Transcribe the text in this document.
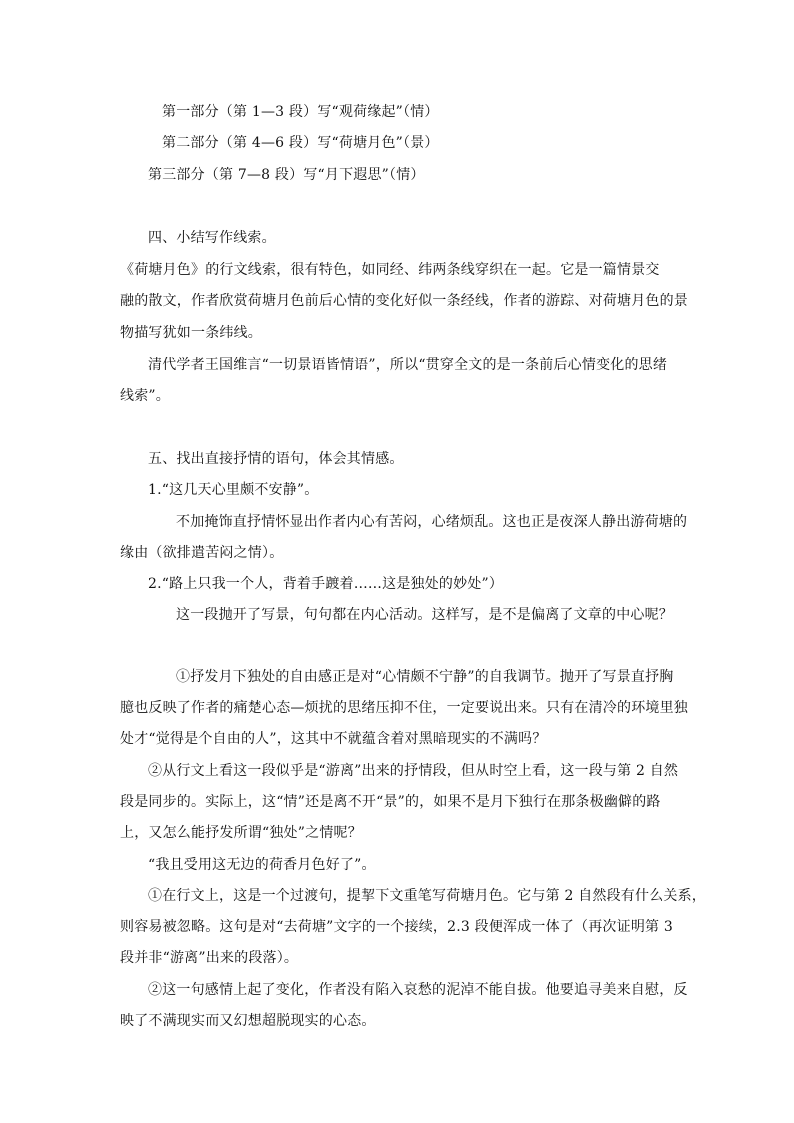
第一部分（第 1—3 段）写“观荷缘起”（情）
第二部分（第 4—6 段）写“荷塘月色”（景）
第三部分（第 7—8 段）写“月下遐思”（情）
四、小结写作线索。
《荷塘月色》的行文线索，很有特色，如同经、纬两条线穿织在一起。它是一篇情景交
融的散文，作者欣赏荷塘月色前后心情的变化好似一条经线，作者的游踪、对荷塘月色的景
物描写犹如一条纬线。
清代学者王国维言“一切景语皆情语”，所以“贯穿全文的是一条前后心情变化的思绪
线索”。
五、找出直接抒情的语句，体会其情感。
1.“这几天心里颇不安静”。
不加掩饰直抒情怀显出作者内心有苦闷，心绪烦乱。这也正是夜深人静出游荷塘的
缘由（欲排遣苦闷之情）。
2.“路上只我一个人，背着手踱着……这是独处的妙处”）
这一段抛开了写景，句句都在内心活动。这样写，是不是偏离了文章的中心呢？
①抒发月下独处的自由感正是对“心情颇不宁静”的自我调节。抛开了写景直抒胸
臆也反映了作者的痛楚心态—烦扰的思绪压抑不住，一定要说出来。只有在清冷的环境里独
处才“觉得是个自由的人”，这其中不就蕴含着对黑暗现实的不满吗？
②从行文上看这一段似乎是“游离”出来的抒情段，但从时空上看，这一段与第 2 自然
段是同步的。实际上，这“情”还是离不开“景”的，如果不是月下独行在那条极幽僻的路
上，又怎么能抒发所谓“独处”之情呢？
“我且受用这无边的荷香月色好了”。
①在行文上，这是一个过渡句，提挈下文重笔写荷塘月色。它与第 2 自然段有什么关系，
则容易被忽略。这句是对“去荷塘”文字的一个接续，2.3 段便浑成一体了（再次证明第 3
段并非“游离”出来的段落）。
②这一句感情上起了变化，作者没有陷入哀愁的泥淖不能自拔。他要追寻美来自慰，反
映了不满现实而又幻想超脱现实的心态。
